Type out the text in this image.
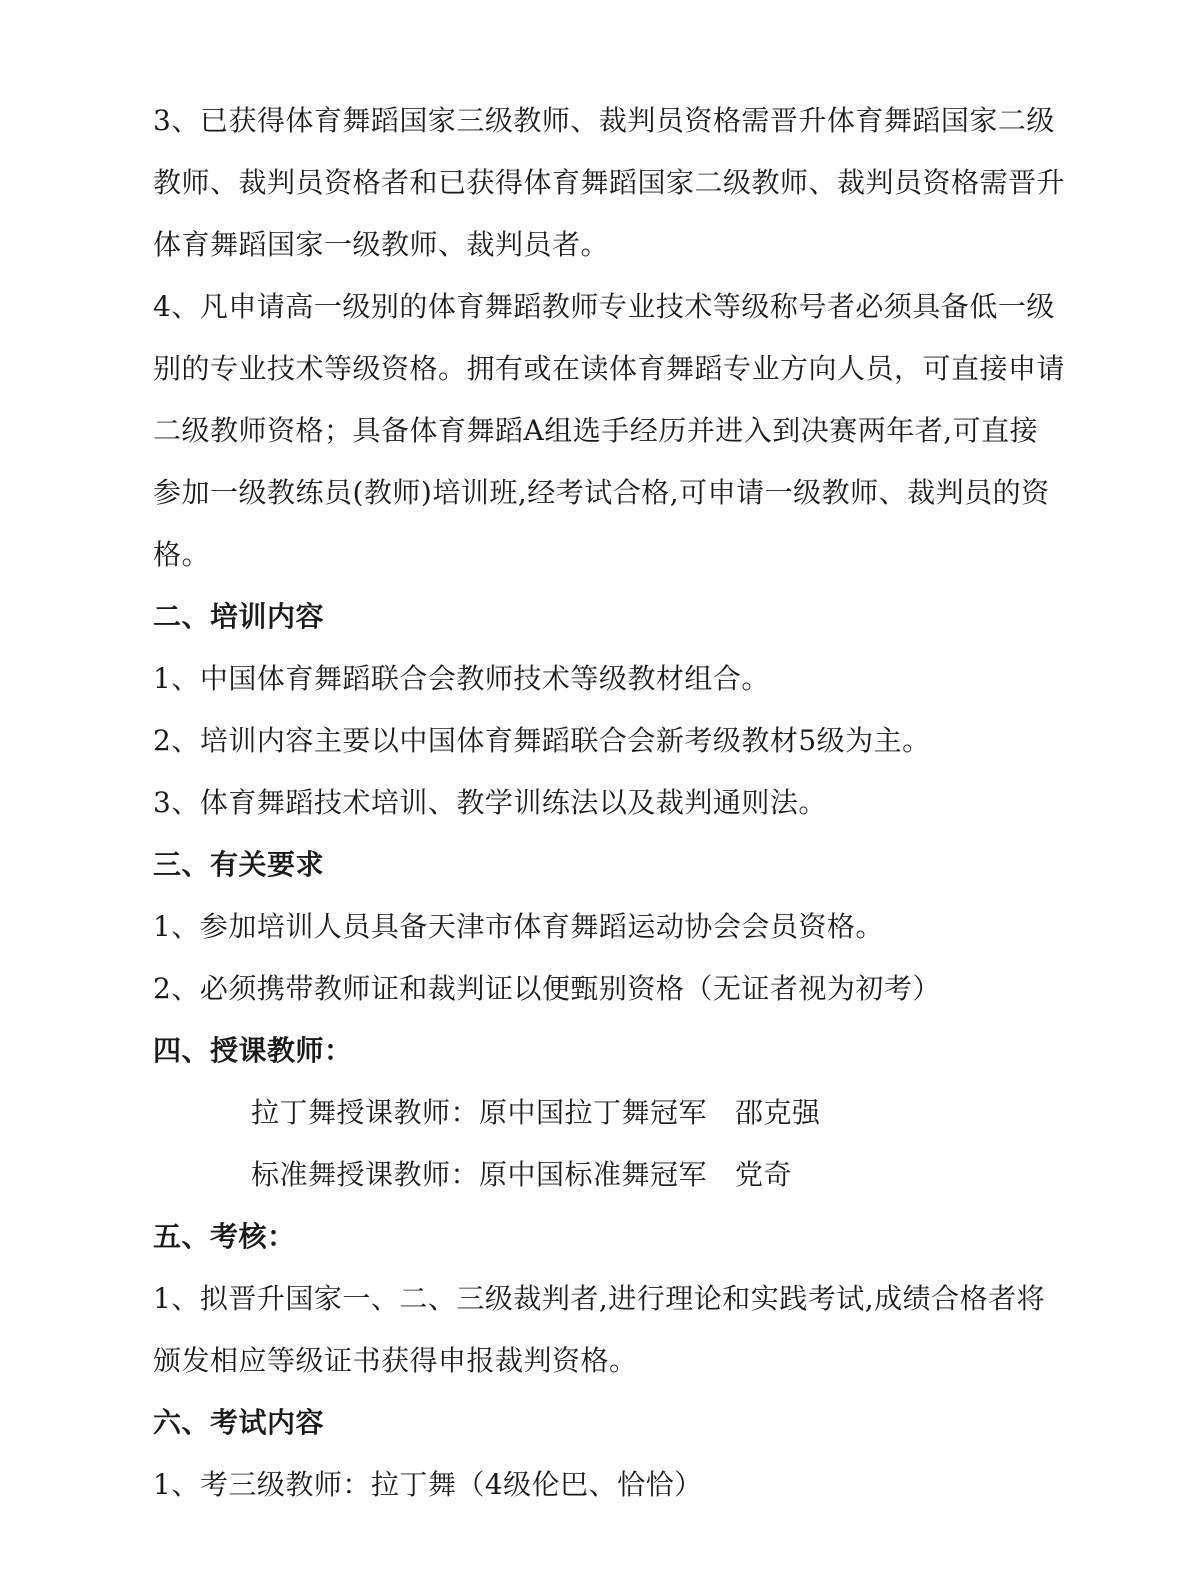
3、已获得体育舞蹈国家三级教师、裁判员资格需晋升体育舞蹈国家二级
教师、裁判员资格者和已获得体育舞蹈国家二级教师、裁判员资格需晋升
体育舞蹈国家一级教师、裁判员者。
4、凡申请高一级别的体育舞蹈教师专业技术等级称号者必须具备低一级
别的专业技术等级资格。拥有或在读体育舞蹈专业方向人员，可直接申请
二级教师资格；具备体育舞蹈A组选手经历并进入到决赛两年者,可直接
参加一级教练员(教师)培训班,经考试合格,可申请一级教师、裁判员的资
格。
二、培训内容
1、中国体育舞蹈联合会教师技术等级教材组合。
2、培训内容主要以中国体育舞蹈联合会新考级教材5级为主。
3、体育舞蹈技术培训、教学训练法以及裁判通则法。
三、有关要求
1、参加培训人员具备天津市体育舞蹈运动协会会员资格。
2、必须携带教师证和裁判证以便甄别资格（无证者视为初考）
四、授课教师：
拉丁舞授课教师：原中国拉丁舞冠军 邵克强
标准舞授课教师：原中国标准舞冠军 党奇
五、考核：
1、拟晋升国家一、二、三级裁判者,进行理论和实践考试,成绩合格者将
颁发相应等级证书获得申报裁判资格。
六、考试内容
1、考三级教师：拉丁舞（4级伦巴、恰恰）
